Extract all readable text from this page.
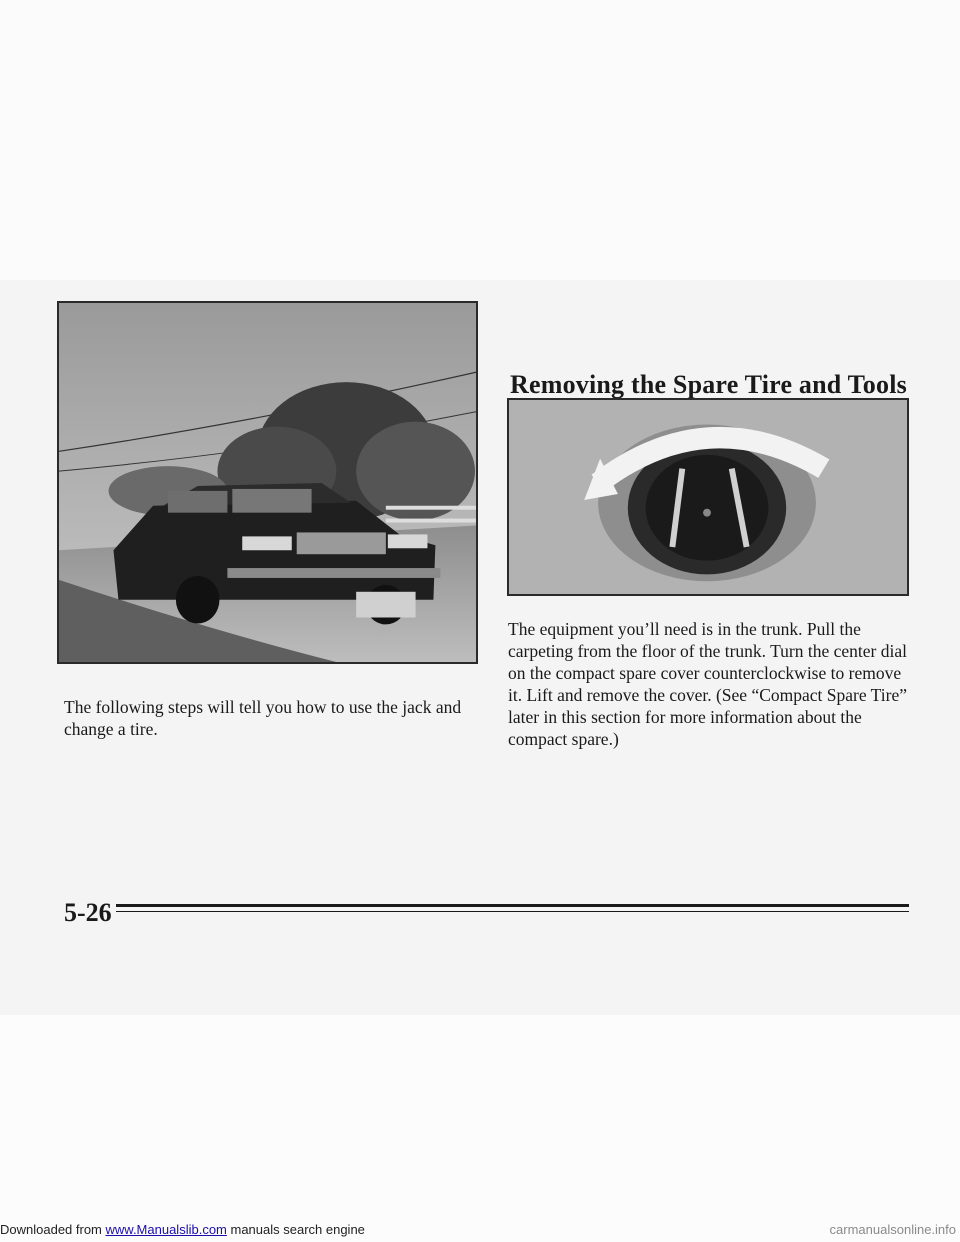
Removing the Spare Tire and Tools

The following steps will tell you how to use the jack and change a tire.

The equipment you’ll need is in the trunk. Pull the carpeting from the floor of the trunk. Turn the center dial on the compact spare cover counterclockwise to remove it. Lift and remove the cover. (See “Compact Spare Tire” later in this section for more information about the compact spare.)

5-26
Downloaded from www.Manualslib.com manuals search engine	carmanualsonline.info
